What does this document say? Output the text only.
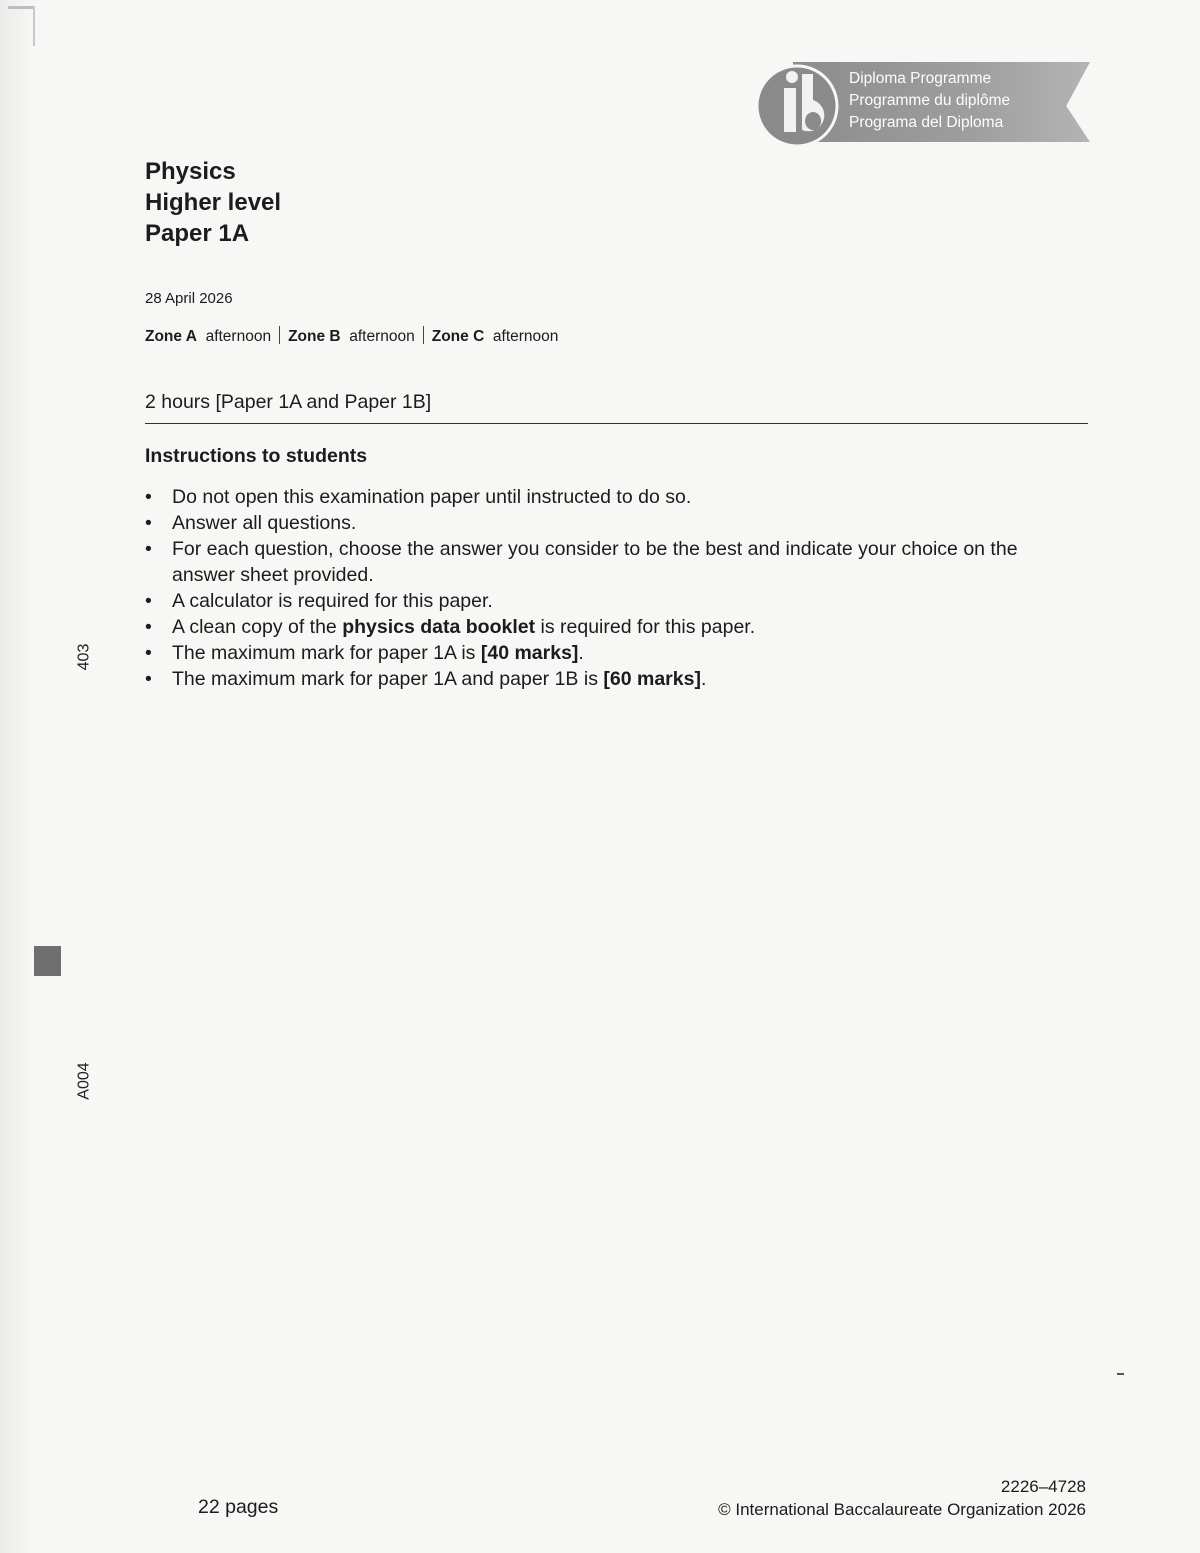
403
A004
Diploma Programme
Programme du diplôme
Programa del Diploma
Physics
Higher level
Paper 1A
28 April 2026
Zone A afternoon Zone B afternoon Zone C afternoon
2 hours [Paper 1A and Paper 1B]
Instructions to students
• Do not open this examination paper until instructed to do so.
• Answer all questions.
• For each question, choose the answer you consider to be the best and indicate your choice on the answer sheet provided.
• A calculator is required for this paper.
• A clean copy of the physics data booklet is required for this paper.
• The maximum mark for paper 1A is [40 marks].
• The maximum mark for paper 1A and paper 1B is [60 marks].
22 pages
2226–4728
© International Baccalaureate Organization 2026
